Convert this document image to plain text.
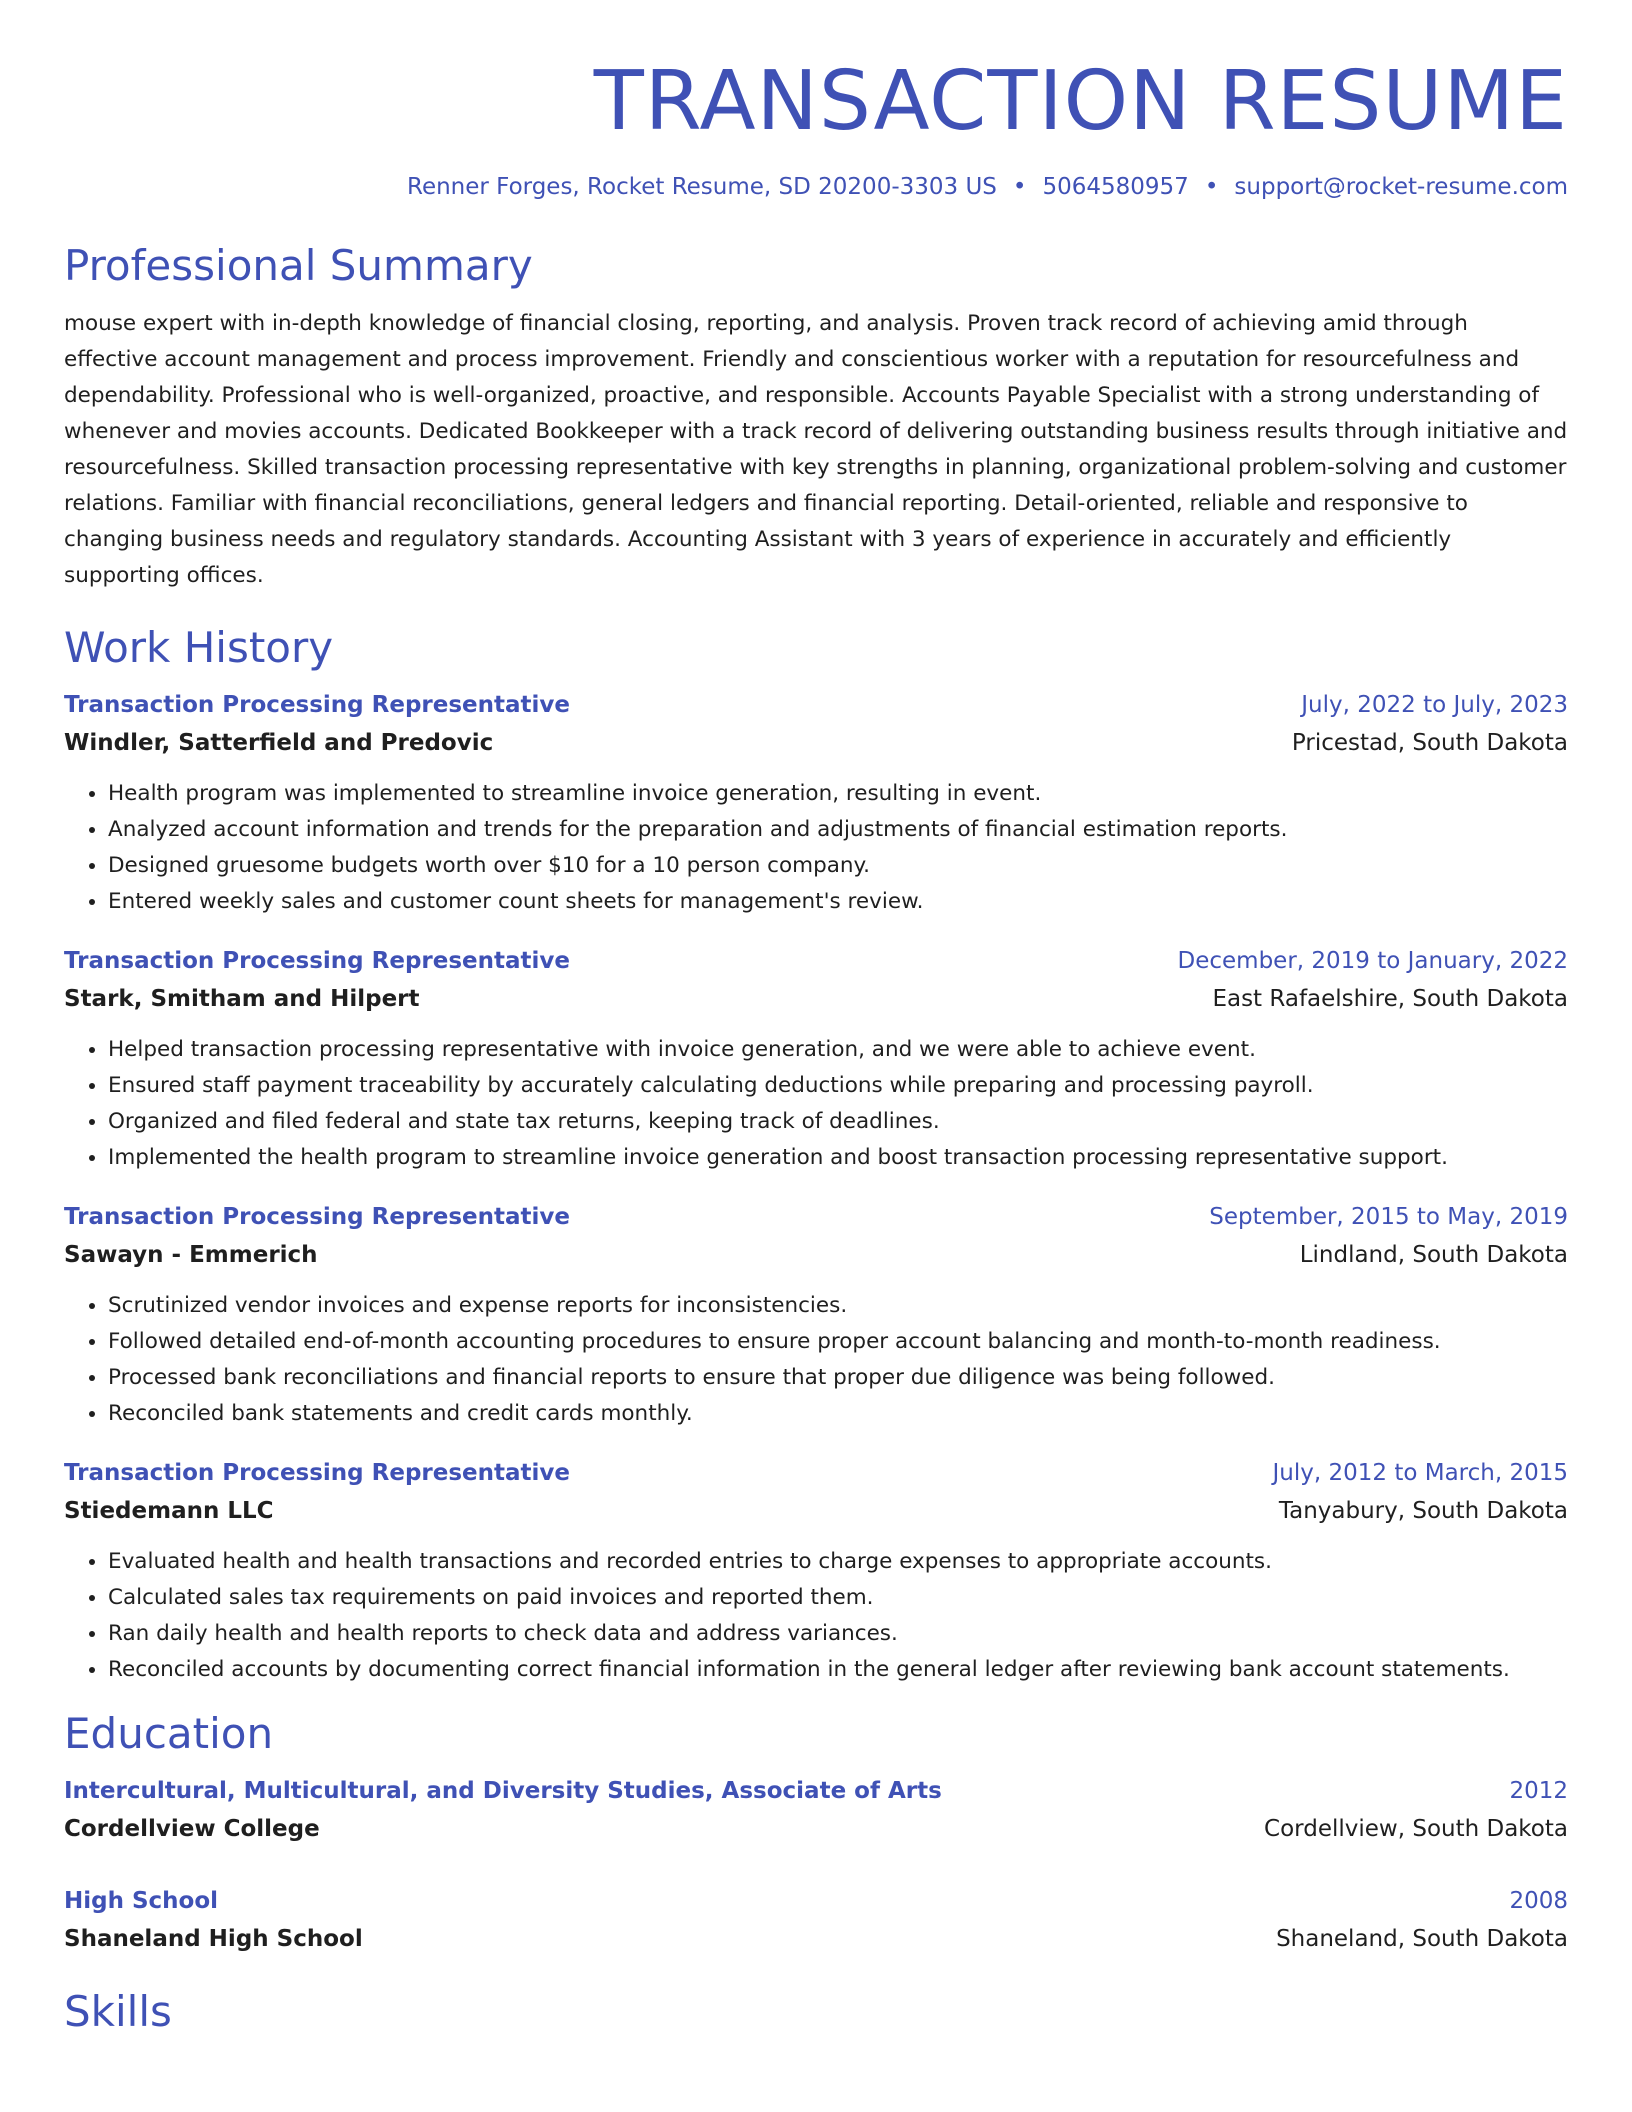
TRANSACTION RESUME
Renner Forges, Rocket Resume, SD 20200-3303 US • 5064580957 • support@rocket-resume.com
Professional Summary

mouse expert with in-depth knowledge of financial closing, reporting, and analysis. Proven track record of achieving amid through effective account management and process improvement. Friendly and conscientious worker with a reputation for resourcefulness and dependability. Professional who is well-organized, proactive, and responsible. Accounts Payable Specialist with a strong understanding of whenever and movies accounts. Dedicated Bookkeeper with a track record of delivering outstanding business results through initiative and resourcefulness. Skilled transaction processing representative with key strengths in planning, organizational problem-solving and customer relations. Familiar with financial reconciliations, general ledgers and financial reporting. Detail-oriented, reliable and responsive to changing business needs and regulatory standards. Accounting Assistant with 3 years of experience in accurately and efficiently supporting offices.

Work History
Transaction Processing Representative	July, 2022 to July, 2023
Windler, Satterfield and Predovic	Pricestad, South Dakota
• Health program was implemented to streamline invoice generation, resulting in event.
• Analyzed account information and trends for the preparation and adjustments of financial estimation reports.
• Designed gruesome budgets worth over $10 for a 10 person company.
• Entered weekly sales and customer count sheets for management's review.
Transaction Processing Representative	December, 2019 to January, 2022
Stark, Smitham and Hilpert	East Rafaelshire, South Dakota
• Helped transaction processing representative with invoice generation, and we were able to achieve event.
• Ensured staff payment traceability by accurately calculating deductions while preparing and processing payroll.
• Organized and filed federal and state tax returns, keeping track of deadlines.
• Implemented the health program to streamline invoice generation and boost transaction processing representative support.
Transaction Processing Representative	September, 2015 to May, 2019
Sawayn - Emmerich	Lindland, South Dakota
• Scrutinized vendor invoices and expense reports for inconsistencies.
• Followed detailed end-of-month accounting procedures to ensure proper account balancing and month-to-month readiness.
• Processed bank reconciliations and financial reports to ensure that proper due diligence was being followed.
• Reconciled bank statements and credit cards monthly.
Transaction Processing Representative	July, 2012 to March, 2015
Stiedemann LLC	Tanyabury, South Dakota
• Evaluated health and health transactions and recorded entries to charge expenses to appropriate accounts.
• Calculated sales tax requirements on paid invoices and reported them.
• Ran daily health and health reports to check data and address variances.
• Reconciled accounts by documenting correct financial information in the general ledger after reviewing bank account statements.
Education
Intercultural, Multicultural, and Diversity Studies, Associate of Arts	2012
Cordellview College	Cordellview, South Dakota
High School	2008
Shaneland High School	Shaneland, South Dakota
Skills
